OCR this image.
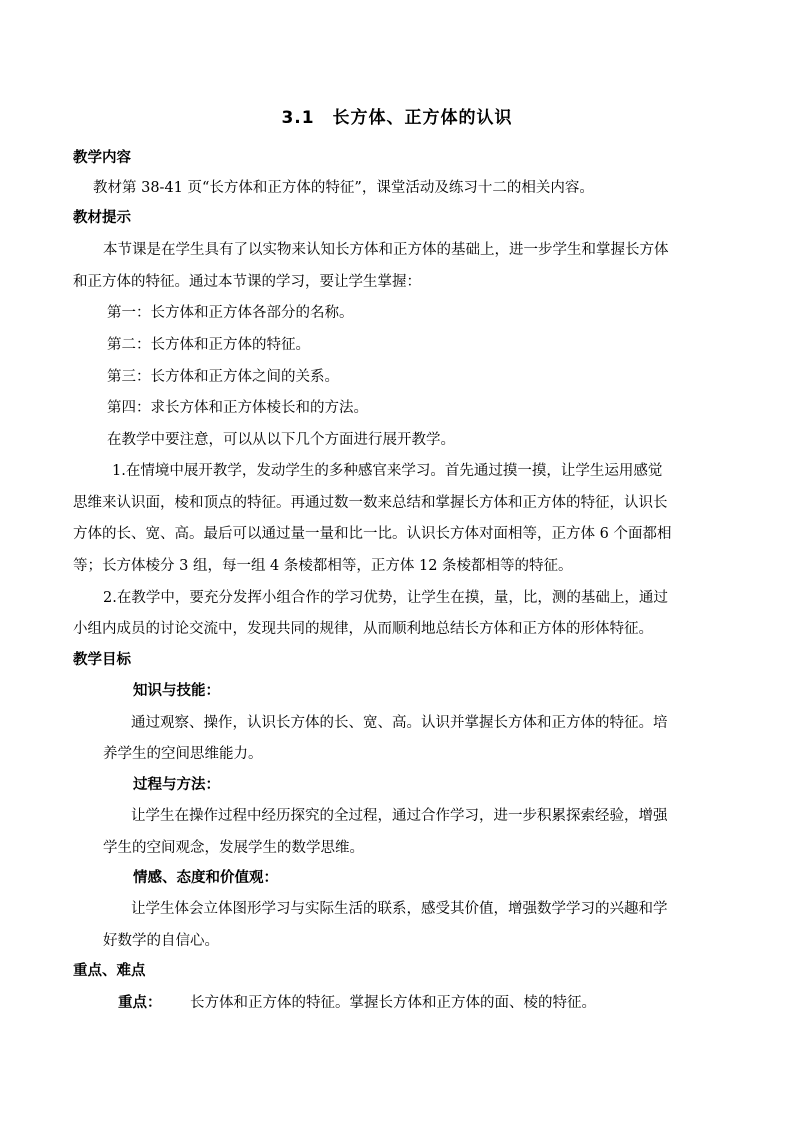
3.1　长方体、正方体的认识
教学内容
教材第 38-41 页“长方体和正方体的特征”，课堂活动及练习十二的相关内容。
教材提示
本节课是在学生具有了以实物来认知长方体和正方体的基础上，进一步学生和掌握长方体
和正方体的特征。通过本节课的学习，要让学生掌握：
第一：长方体和正方体各部分的名称。
第二：长方体和正方体的特征。
第三：长方体和正方体之间的关系。
第四：求长方体和正方体棱长和的方法。
在教学中要注意，可以从以下几个方面进行展开教学。
1.在情境中展开教学，发动学生的多种感官来学习。首先通过摸一摸，让学生运用感觉
思维来认识面，棱和顶点的特征。再通过数一数来总结和掌握长方体和正方体的特征，认识长
方体的长、宽、高。最后可以通过量一量和比一比。认识长方体对面相等，正方体 6 个面都相
等；长方体棱分 3 组，每一组 4 条棱都相等，正方体 12 条棱都相等的特征。
2.在教学中，要充分发挥小组合作的学习优势，让学生在摸，量，比，测的基础上，通过
小组内成员的讨论交流中，发现共同的规律，从而顺利地总结长方体和正方体的形体特征。
教学目标
知识与技能：
通过观察、操作，认识长方体的长、宽、高。认识并掌握长方体和正方体的特征。培
养学生的空间思维能力。
过程与方法：
让学生在操作过程中经历探究的全过程，通过合作学习，进一步积累探索经验，增强
学生的空间观念，发展学生的数学思维。
情感、态度和价值观：
让学生体会立体图形学习与实际生活的联系，感受其价值，增强数学学习的兴趣和学
好数学的自信心。
重点、难点
重点： 长方体和正方体的特征。掌握长方体和正方体的面、棱的特征。
